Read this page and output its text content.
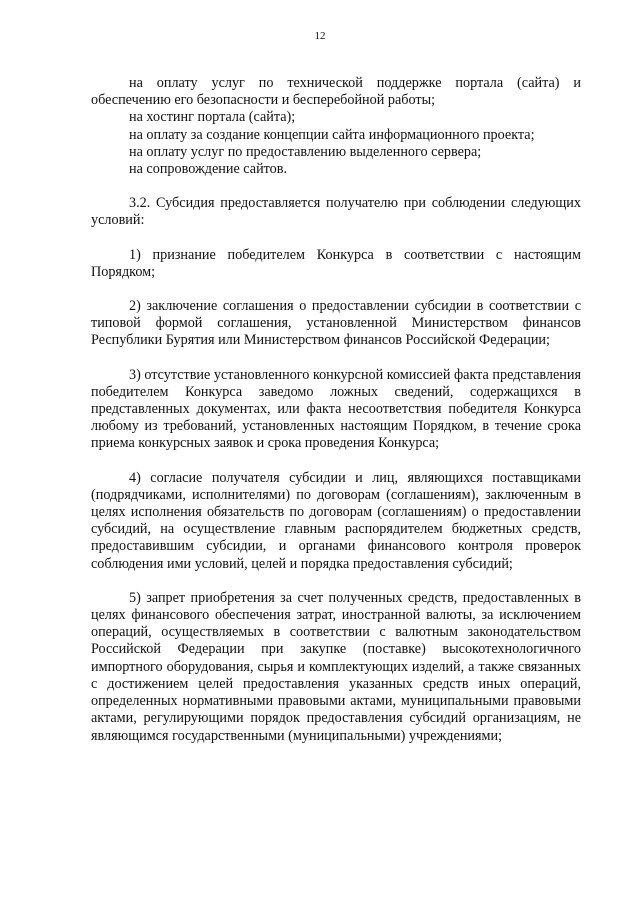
12

на оплату услуг по технической поддержке портала (сайта) и обеспечению его безопасности и бесперебойной работы;

на хостинг портала (сайта);

на оплату за создание концепции сайта информационного проекта;

на оплату услуг по предоставлению выделенного сервера;

на сопровождение сайтов.

3.2. Субсидия предоставляется получателю при соблюдении следующих условий:

1) признание победителем Конкурса в соответствии с настоящим Порядком;

2) заключение соглашения о предоставлении субсидии в соответствии с типовой формой соглашения, установленной Министерством финансов Республики Бурятия или Министерством финансов Российской Федерации;

3) отсутствие установленного конкурсной комиссией факта представления победителем Конкурса заведомо ложных сведений, содержащихся в представленных документах, или факта несоответствия победителя Конкурса любому из требований, установленных настоящим Порядком, в течение срока приема конкурсных заявок и срока проведения Конкурса;

4) согласие получателя субсидии и лиц, являющихся поставщиками (подрядчиками, исполнителями) по договорам (соглашениям), заключенным в целях исполнения обязательств по договорам (соглашениям) о предоставлении субсидий, на осуществление главным распорядителем бюджетных средств, предоставившим субсидии, и органами финансового контроля проверок соблюдения ими условий, целей и порядка предоставления субсидий;

5) запрет приобретения за счет полученных средств, предоставленных в целях финансового обеспечения затрат, иностранной валюты, за исключением операций, осуществляемых в соответствии с валютным законодательством Российской Федерации при закупке (поставке) высокотехнологичного импортного оборудования, сырья и комплектующих изделий, а также связанных с достижением целей предоставления указанных средств иных операций, определенных нормативными правовыми актами, муниципальными правовыми актами, регулирующими порядок предоставления субсидий организациям, не являющимся государственными (муниципальными) учреждениями;
